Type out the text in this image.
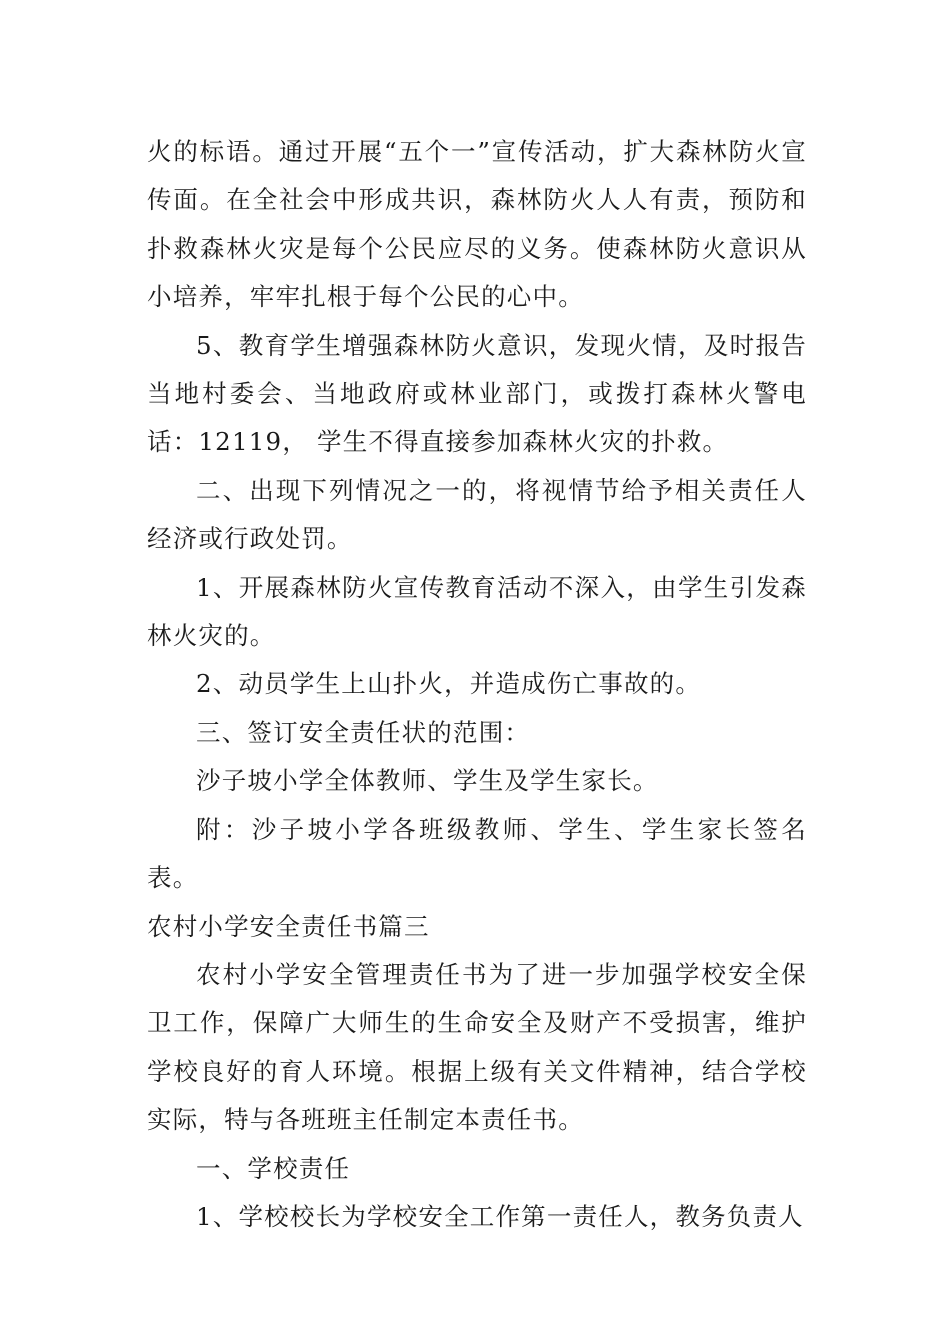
火的标语。通过开展“五个一”宣传活动，扩大森林防火宣传面。在全社会中形成共识，森林防火人人有责，预防和扑救森林火灾是每个公民应尽的义务。使森林防火意识从小培养，牢牢扎根于每个公民的心中。

5、教育学生增强森林防火意识，发现火情，及时报告当地村委会、当地政府或林业部门，或拨打森林火警电话：12119， 学生不得直接参加森林火灾的扑救。

二、出现下列情况之一的，将视情节给予相关责任人经济或行政处罚。

1、开展森林防火宣传教育活动不深入，由学生引发森林火灾的。

2、动员学生上山扑火，并造成伤亡事故的。

三、签订安全责任状的范围：

沙子坡小学全体教师、学生及学生家长。

附：沙子坡小学各班级教师、学生、学生家长签名表。

农村小学安全责任书篇三

农村小学安全管理责任书为了进一步加强学校安全保卫工作，保障广大师生的生命安全及财产不受损害，维护学校良好的育人环境。根据上级有关文件精神，结合学校实际，特与各班班主任制定本责任书。

一、学校责任

1、学校校长为学校安全工作第一责任人，教务负责人
